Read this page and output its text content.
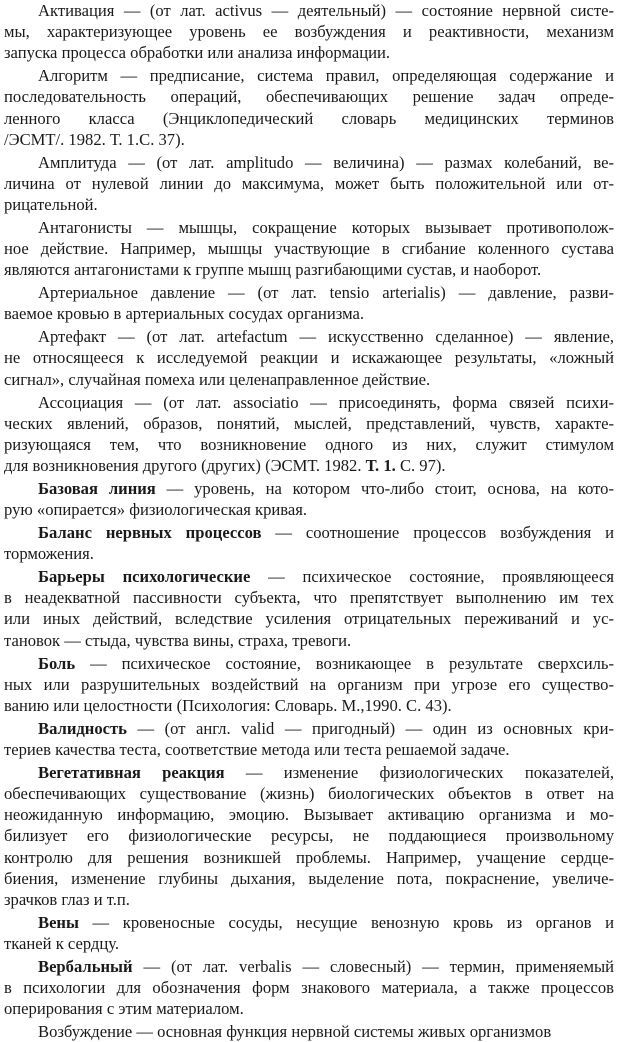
Активация — (от лат. activus — деятельный) — состояние нервной систе-
мы, характеризующее уровень ее возбуждения и реактивности, механизм
запуска процесса обработки или анализа информации.
Алгоритм — предписание, система правил, определяющая содержание и
последовательность операций, обеспечивающих решение задач опреде-
ленного класса (Энциклопедический словарь медицинских терминов
/ЭСМТ/. 1982. Т. 1.С. 37).
Амплитуда — (от лат. amplitudo — величина) — размах колебаний, ве-
личина от нулевой линии до максимума, может быть положительной или от-
рицательной.
Антагонисты — мышцы, сокращение которых вызывает противополож-
ное действие. Например, мышцы участвующие в сгибание коленного сустава
являются антагонистами к группе мышц разгибающими сустав, и наоборот.
Артериальное давление — (от лат. tensio arterialis) — давление, разви-
ваемое кровью в артериальных сосудах организма.
Артефакт — (от лат. artefactum — искусственно сделанное) — явление,
не относящееся к исследуемой реакции и искажающее результаты, «ложный
сигнал», случайная помеха или целенаправленное действие.
Ассоциация — (от лат. associatio — присоединять, форма связей психи-
ческих явлений, образов, понятий, мыслей, представлений, чувств, характе-
ризующаяся тем, что возникновение одного из них, служит стимулом
для возникновения другого (других) (ЭСМТ. 1982. Т. 1. С. 97).
Базовая линия — уровень, на котором что-либо стоит, основа, на кото-
рую «опирается» физиологическая кривая.
Баланс нервных процессов — соотношение процессов возбуждения и
торможения.
Барьеры психологические — психическое состояние, проявляющееся
в неадекватной пассивности субъекта, что препятствует выполнению им тех
или иных действий, вследствие усиления отрицательных переживаний и ус-
тановок — стыда, чувства вины, страха, тревоги.
Боль — психическое состояние, возникающее в результате сверхсиль-
ных или разрушительных воздействий на организм при угрозе его существо-
ванию или целостности (Психология: Словарь. М.,1990. С. 43).
Валидность — (от англ. valid — пригодный) — один из основных кри-
териев качества теста, соответствие метода или теста решаемой задаче.
Вегетативная реакция — изменение физиологических показателей,
обеспечивающих существование (жизнь) биологических объектов в ответ на
неожиданную информацию, эмоцию. Вызывает активацию организма и мо-
билизует его физиологические ресурсы, не поддающиеся произвольному
контролю для решения возникшей проблемы. Например, учащение сердце-
биения, изменение глубины дыхания, выделение пота, покраснение, увеличе-
зрачков глаз и т.п.
Вены — кровеносные сосуды, несущие венозную кровь из органов и
тканей к сердцу.
Вербальный — (от лат. verbalis — словесный) — термин, применяемый
в психологии для обозначения форм знакового материала, а также процессов
оперирования с этим материалом.
Возбуждение — основная функция нервной системы живых организмов
